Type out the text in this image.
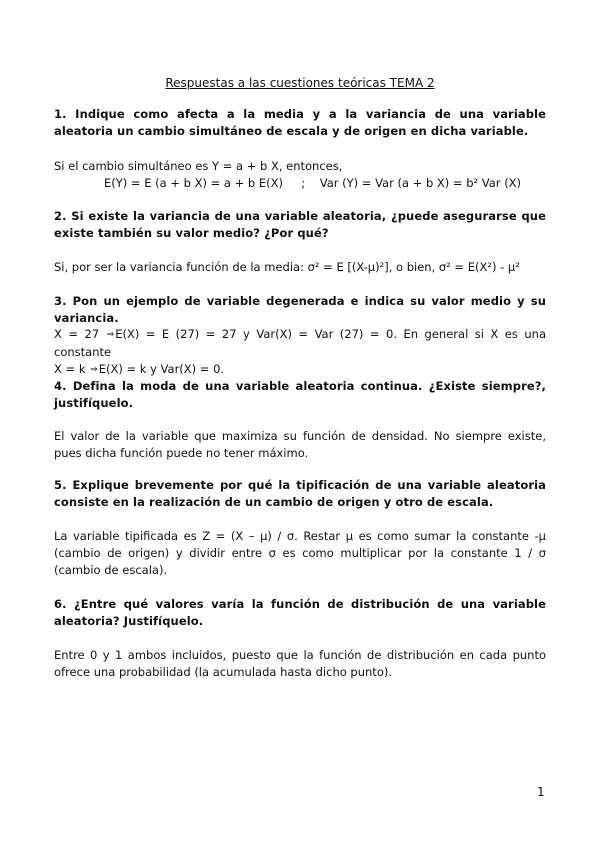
Respuestas a las cuestiones teóricas TEMA 2
1. Indique como afecta a la media y a la variancia de una variable aleatoria un cambio simultáneo de escala y de origen en dicha variable.
Si el cambio simultáneo es Y = a + b X, entonces,
E(Y) = E (a + b X) = a + b E(X)     ;    Var (Y) = Var (a + b X) = b² Var (X)
2. Si existe la variancia de una variable aleatoria, ¿puede asegurarse que existe también su valor medio? ¿Por qué?
Si, por ser la variancia función de la media: σ² = E [(X-μ)²], o bien, σ² = E(X²) - μ²
3. Pon un ejemplo de variable degenerada e indica su valor medio y su variancia.
X = 27 ⇒E(X) = E (27) = 27 y Var(X) = Var (27) = 0. En general si X es una constante
X = k ⇒E(X) = k y Var(X) = 0.
4. Defina la moda de una variable aleatoria continua. ¿Existe siempre?, justifíquelo.
El valor de la variable que maximiza su función de densidad. No siempre existe, pues dicha función puede no tener máximo.
5. Explique brevemente por qué la tipificación de una variable aleatoria consiste en la realización de un cambio de origen y otro de escala.
La variable tipificada es Z = (X – μ) / σ. Restar μ es como sumar la constante -μ (cambio de origen) y dividir entre σ es como multiplicar por la constante 1 / σ (cambio de escala).
6. ¿Entre qué valores varía la función de distribución de una variable aleatoria? Justifíquelo.
Entre 0 y 1 ambos incluidos, puesto que la función de distribución en cada punto ofrece una probabilidad (la acumulada hasta dicho punto).
1
